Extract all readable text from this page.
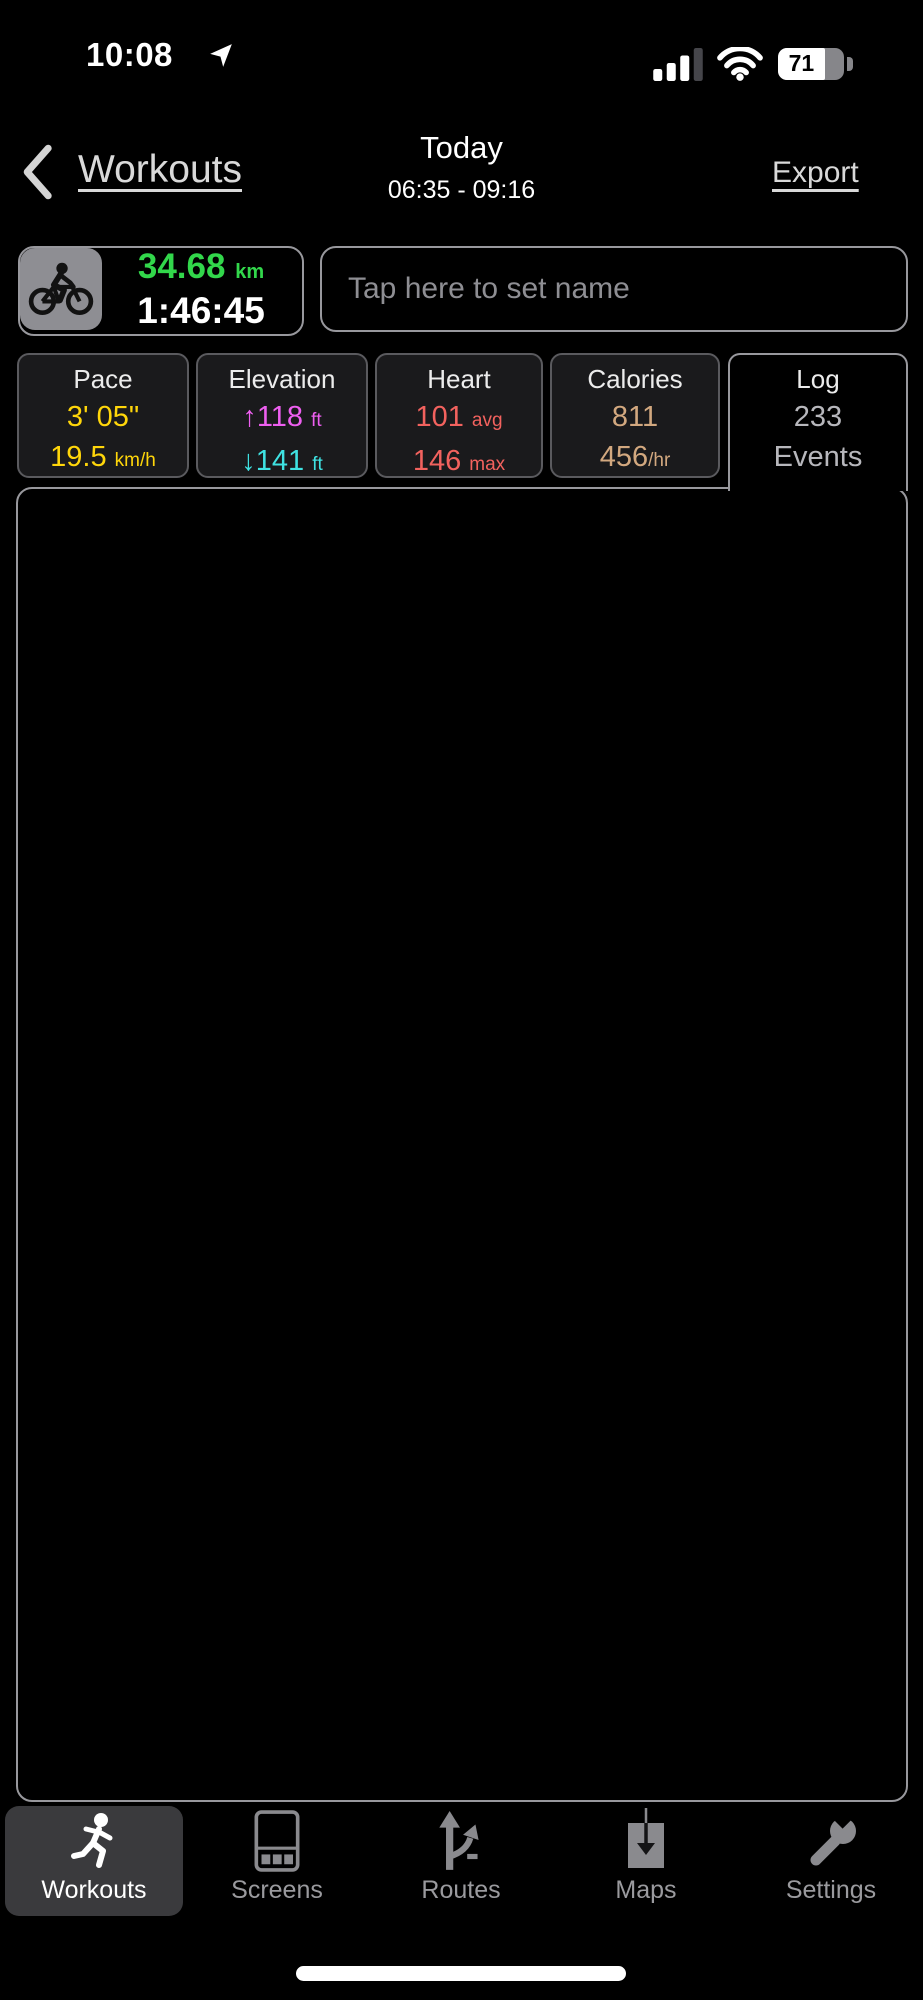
10:08	71
Workouts
Today
06:35 - 09:16
Export
34.68 km
1:46:45
Tap here to set name
Pace
3' 05"
19.5 km/h
Elevation
↑118 ft
↓141 ft
Heart
101 avg
146 max
Calories
811
456/hr
Log
233
Events
Contains Text
Workouts	Screens	Routes	Maps	Settings
